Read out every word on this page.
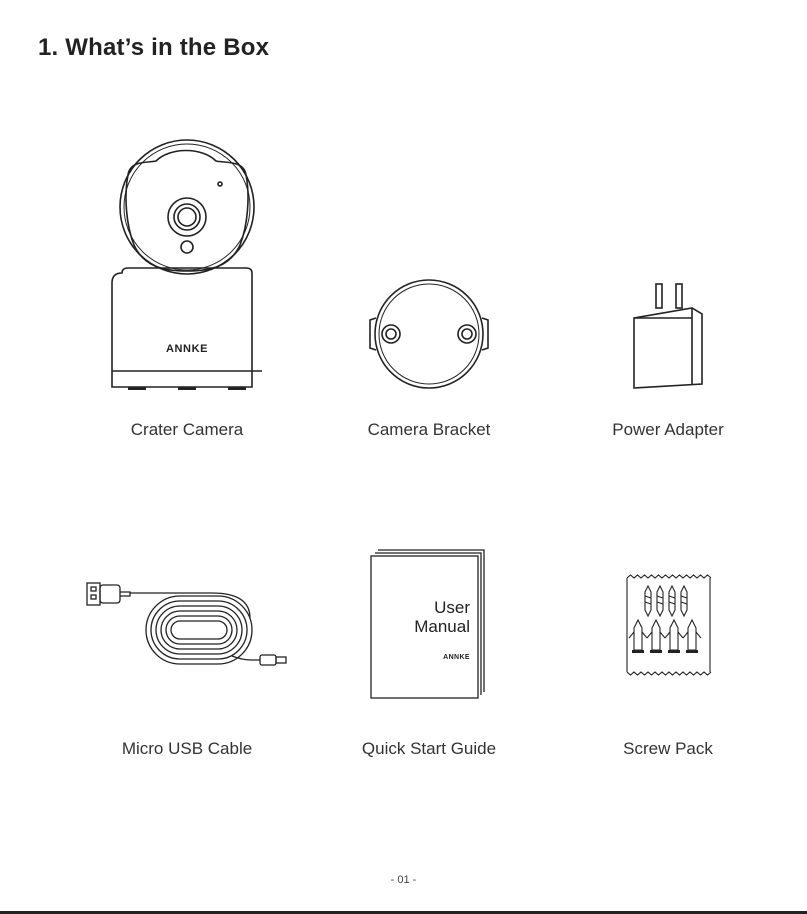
1. What’s in the Box
ANNKE
Crater Camera	Camera Bracket	Power Adapter
Micro USB Cable
User
Manual
ANNKE
Quick Start Guide	Screw Pack
- 01 -
